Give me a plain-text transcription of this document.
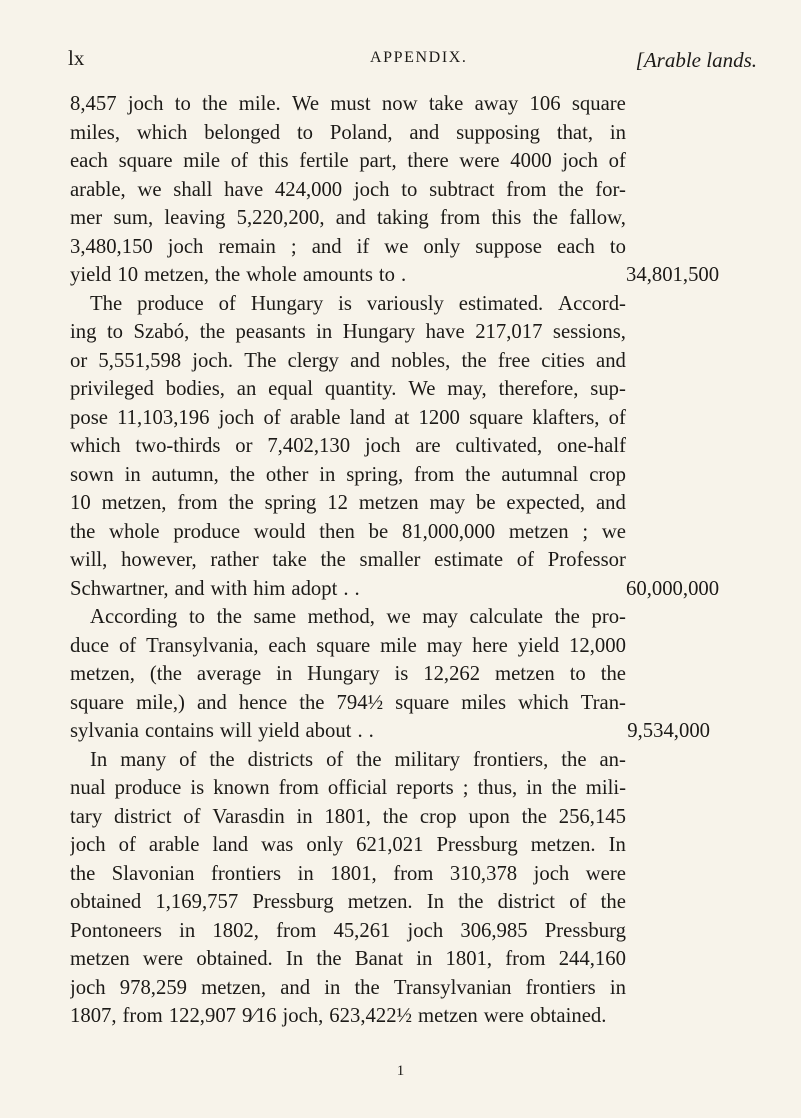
lx	APPENDIX.	[Arable lands.
8,457 joch to the mile. We must now take away 106 square
miles, which belonged to Poland, and supposing that, in
each square mile of this fertile part, there were 4000 joch of
arable, we shall have 424,000 joch to subtract from the for-
mer sum, leaving 5,220,200, and taking from this the fallow,
3,480,150 joch remain ; and if we only suppose each to
yield 10 metzen, the whole amounts to .	34,801,500
The produce of Hungary is variously estimated. Accord-
ing to Szabó, the peasants in Hungary have 217,017 sessions,
or 5,551,598 joch. The clergy and nobles, the free cities and
privileged bodies, an equal quantity. We may, therefore, sup-
pose 11,103,196 joch of arable land at 1200 square klafters, of
which two-thirds or 7,402,130 joch are cultivated, one-half
sown in autumn, the other in spring, from the autumnal crop
10 metzen, from the spring 12 metzen may be expected, and
the whole produce would then be 81,000,000 metzen ; we
will, however, rather take the smaller estimate of Professor
Schwartner, and with him adopt . .	60,000,000
According to the same method, we may calculate the pro-
duce of Transylvania, each square mile may here yield 12,000
metzen, (the average in Hungary is 12,262 metzen to the
square mile,) and hence the 794½ square miles which Tran-
sylvania contains will yield about . .	9,534,000
In many of the districts of the military frontiers, the an-
nual produce is known from official reports ; thus, in the mili-
tary district of Varasdin in 1801, the crop upon the 256,145
joch of arable land was only 621,021 Pressburg metzen. In
the Slavonian frontiers in 1801, from 310,378 joch were
obtained 1,169,757 Pressburg metzen. In the district of the
Pontoneers in 1802, from 45,261 joch 306,985 Pressburg
metzen were obtained. In the Banat in 1801, from 244,160
joch 978,259 metzen, and in the Transylvanian frontiers in
1807, from 122,907 9⁄16 joch, 623,422½ metzen were obtained.
1
